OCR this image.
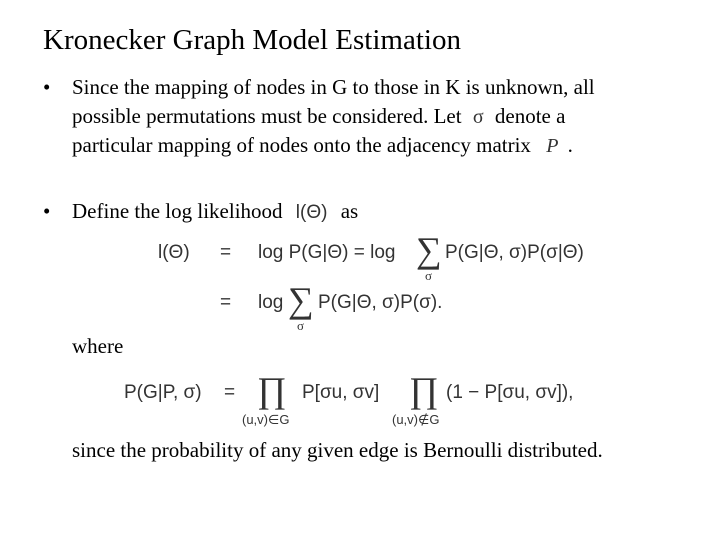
Kronecker Graph Model Estimation
• Since the mapping of nodes in G to those in K is unknown, all
possible permutations must be considered. Let σ denote a
particular mapping of nodes onto the adjacency matrix P .
• Define the log likelihood l(Θ) as
l(Θ) = log P(G|Θ) = log ∑
σ
P(G|Θ, σ)P(σ|Θ)
= log ∑
σ
P(G|Θ, σ)P(σ).
where
P(G|P, σ) = ∏
(u,v)∈G
P[σu, σv] ∏
(u,v)∉G
(1 − P[σu, σv]),
since the probability of any given edge is Bernoulli distributed.
